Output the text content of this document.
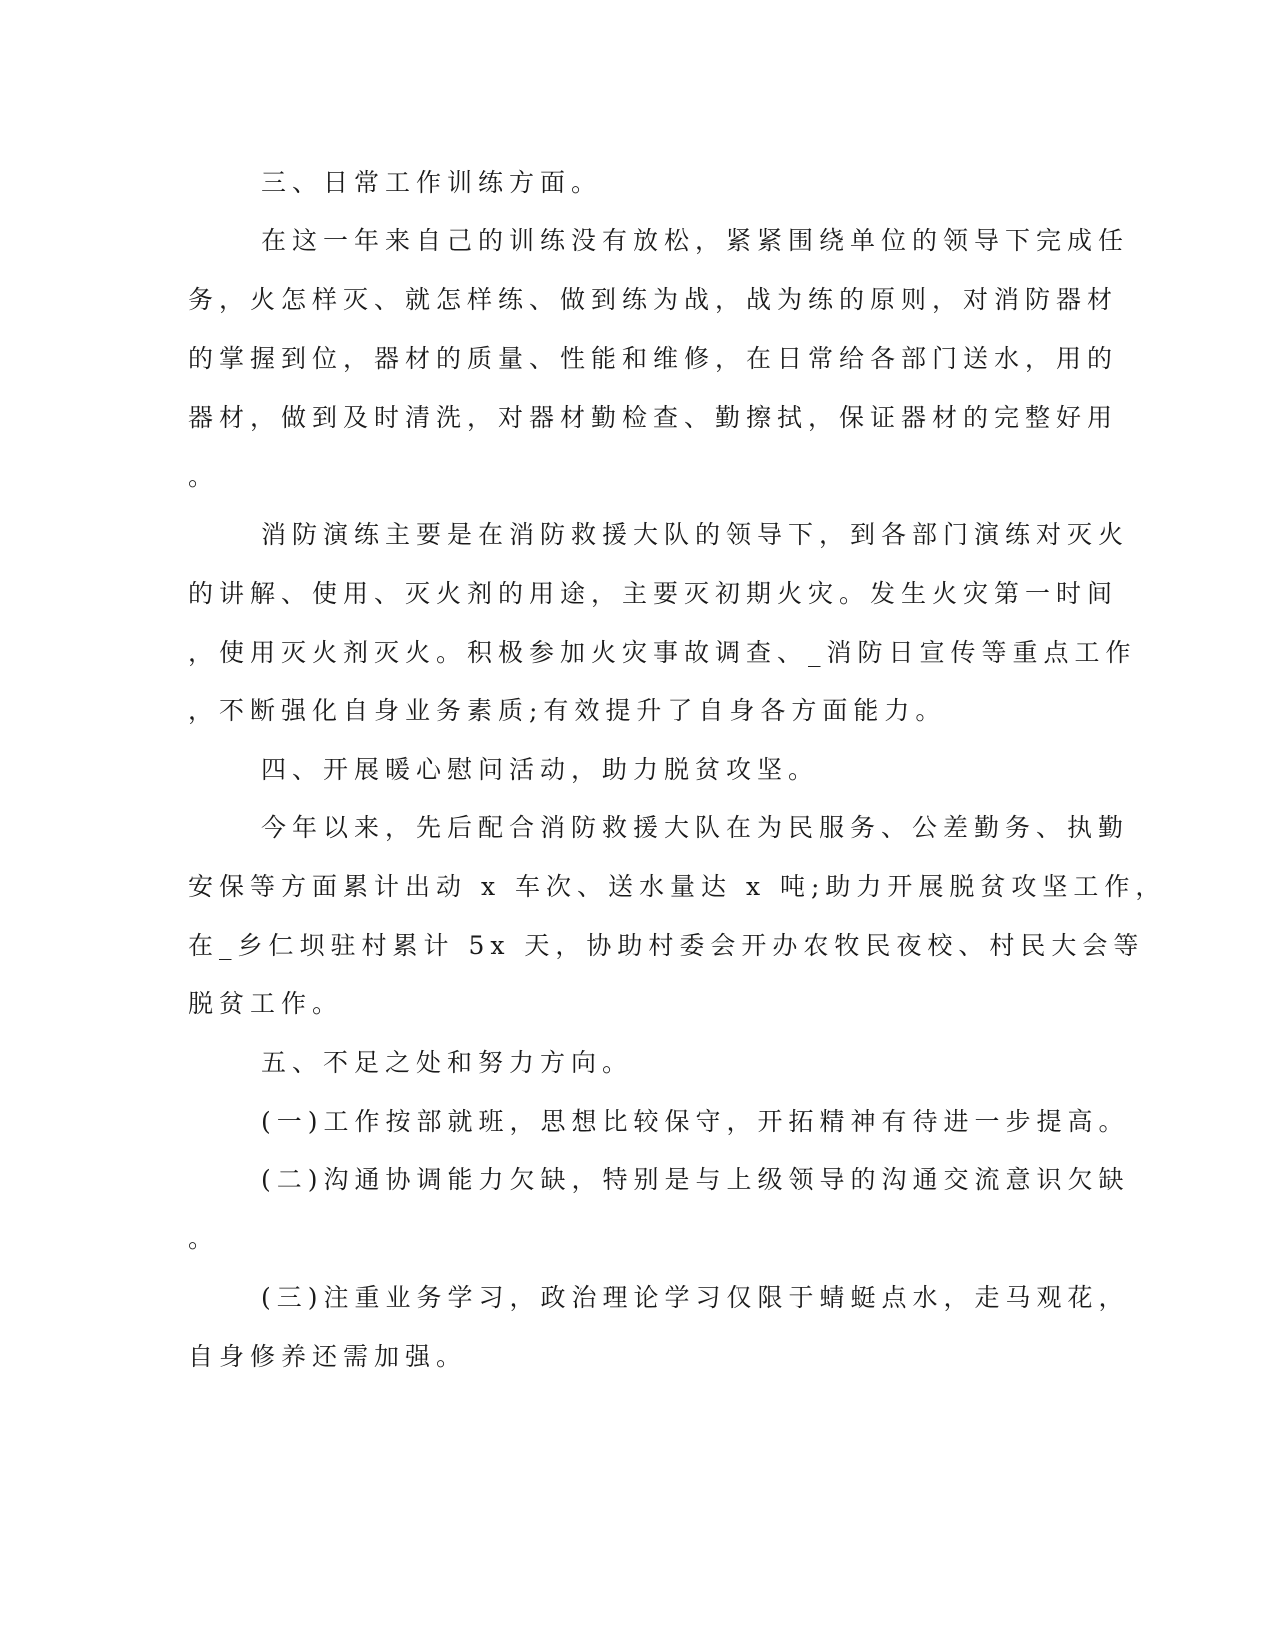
三、日常工作训练方面。
在这一年来自己的训练没有放松，紧紧围绕单位的领导下完成任
务，火怎样灭、就怎样练、做到练为战，战为练的原则，对消防器材
的掌握到位，器材的质量、性能和维修，在日常给各部门送水，用的
器材，做到及时清洗，对器材勤检查、勤擦拭，保证器材的完整好用
。
消防演练主要是在消防救援大队的领导下，到各部门演练对灭火
的讲解、使用、灭火剂的用途，主要灭初期火灾。发生火灾第一时间
，使用灭火剂灭火。积极参加火灾事故调查、_消防日宣传等重点工作
，不断强化自身业务素质;有效提升了自身各方面能力。
四、开展暖心慰问活动，助力脱贫攻坚。
今年以来，先后配合消防救援大队在为民服务、公差勤务、执勤
安保等方面累计出动 x 车次、送水量达 x 吨;助力开展脱贫攻坚工作，
在_乡仁坝驻村累计 5x 天，协助村委会开办农牧民夜校、村民大会等
脱贫工作。
五、不足之处和努力方向。
(一)工作按部就班，思想比较保守，开拓精神有待进一步提高。
(二)沟通协调能力欠缺，特别是与上级领导的沟通交流意识欠缺
。
(三)注重业务学习，政治理论学习仅限于蜻蜓点水，走马观花，
自身修养还需加强。
